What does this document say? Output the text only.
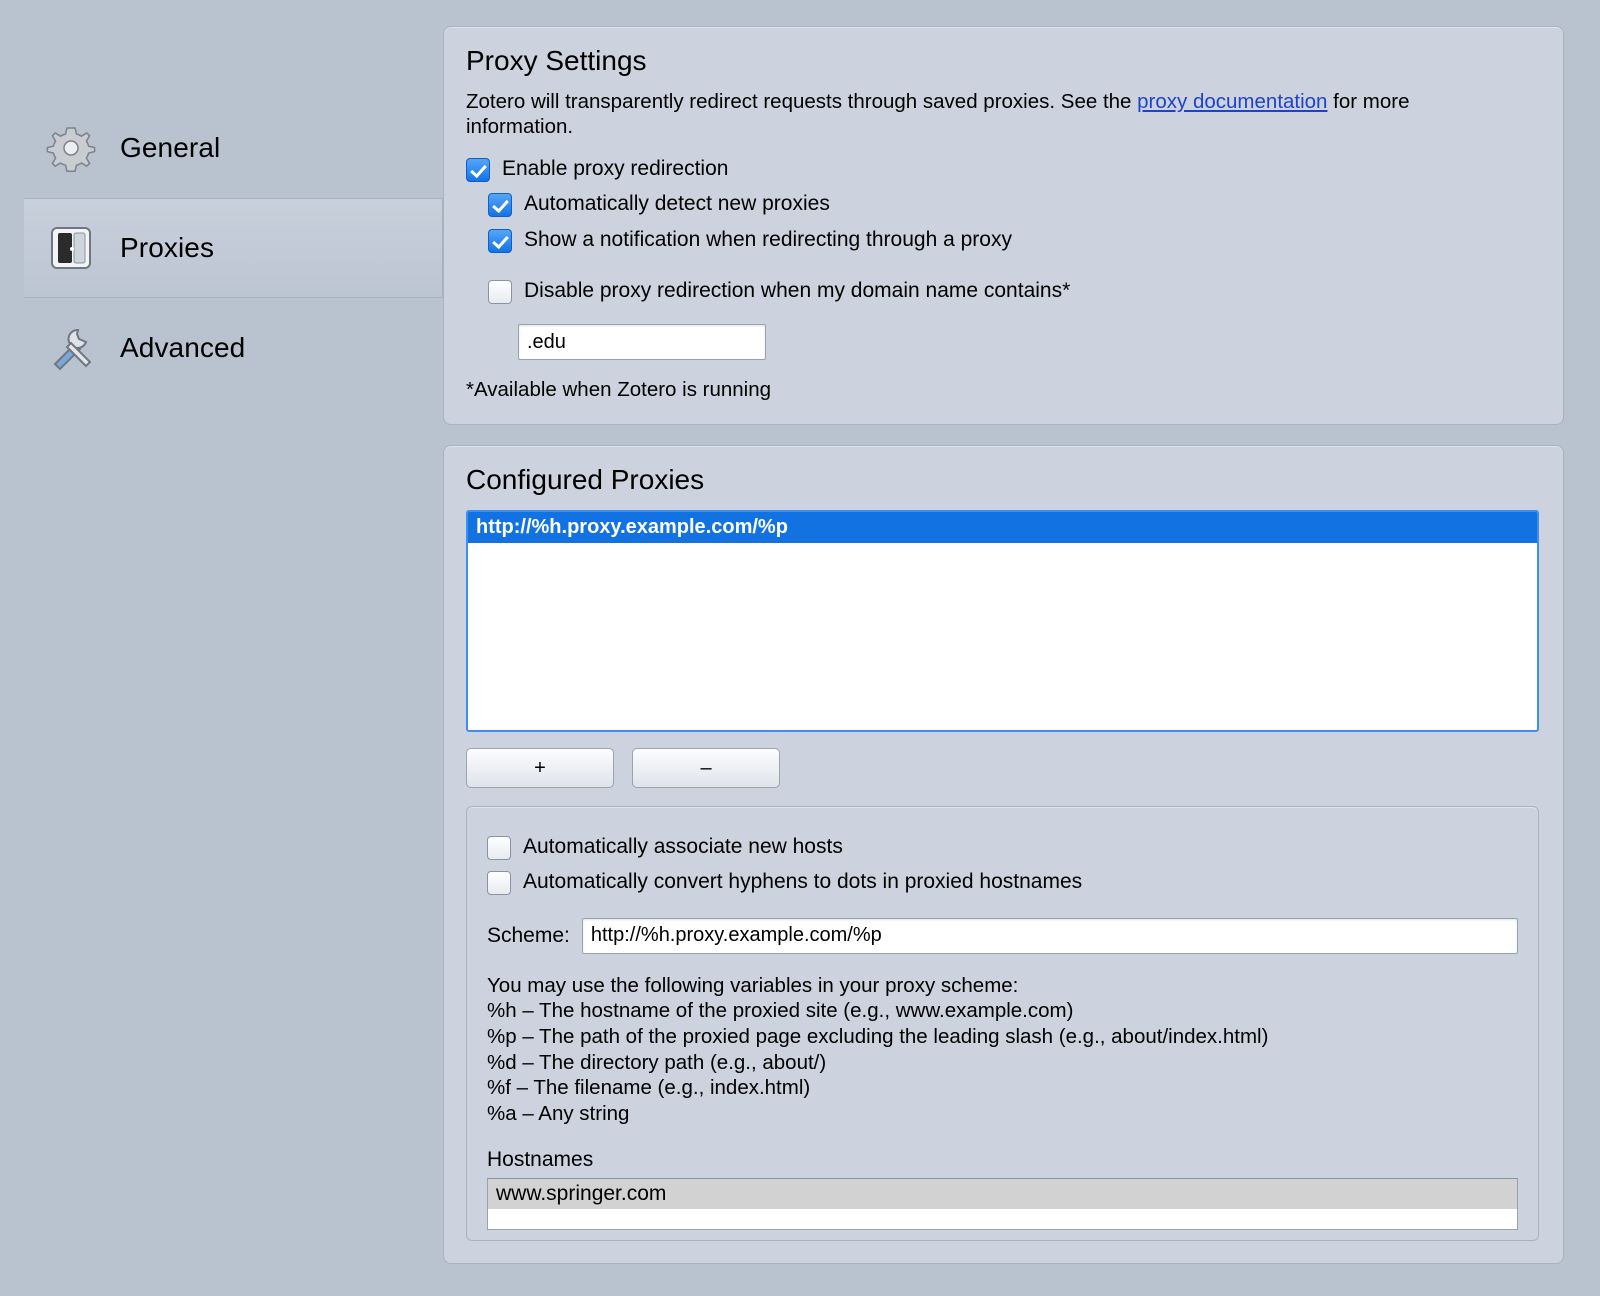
General
Proxies
Advanced
Proxy Settings
Zotero will transparently redirect requests through saved proxies. See the proxy documentation for more information.
Enable proxy redirection
Automatically detect new proxies
Show a notification when redirecting through a proxy
Disable proxy redirection when my domain name contains*
.edu
*Available when Zotero is running
Configured Proxies
http://%h.proxy.example.com/%p
+	–
Automatically associate new hosts
Automatically convert hyphens to dots in proxied hostnames
Scheme:
http://%h.proxy.example.com/%p
You may use the following variables in your proxy scheme:
%h – The hostname of the proxied site (e.g., www.example.com)
%p – The path of the proxied page excluding the leading slash (e.g., about/index.html)
%d – The directory path (e.g., about/)
%f – The filename (e.g., index.html)
%a – Any string
Hostnames
www.springer.com
